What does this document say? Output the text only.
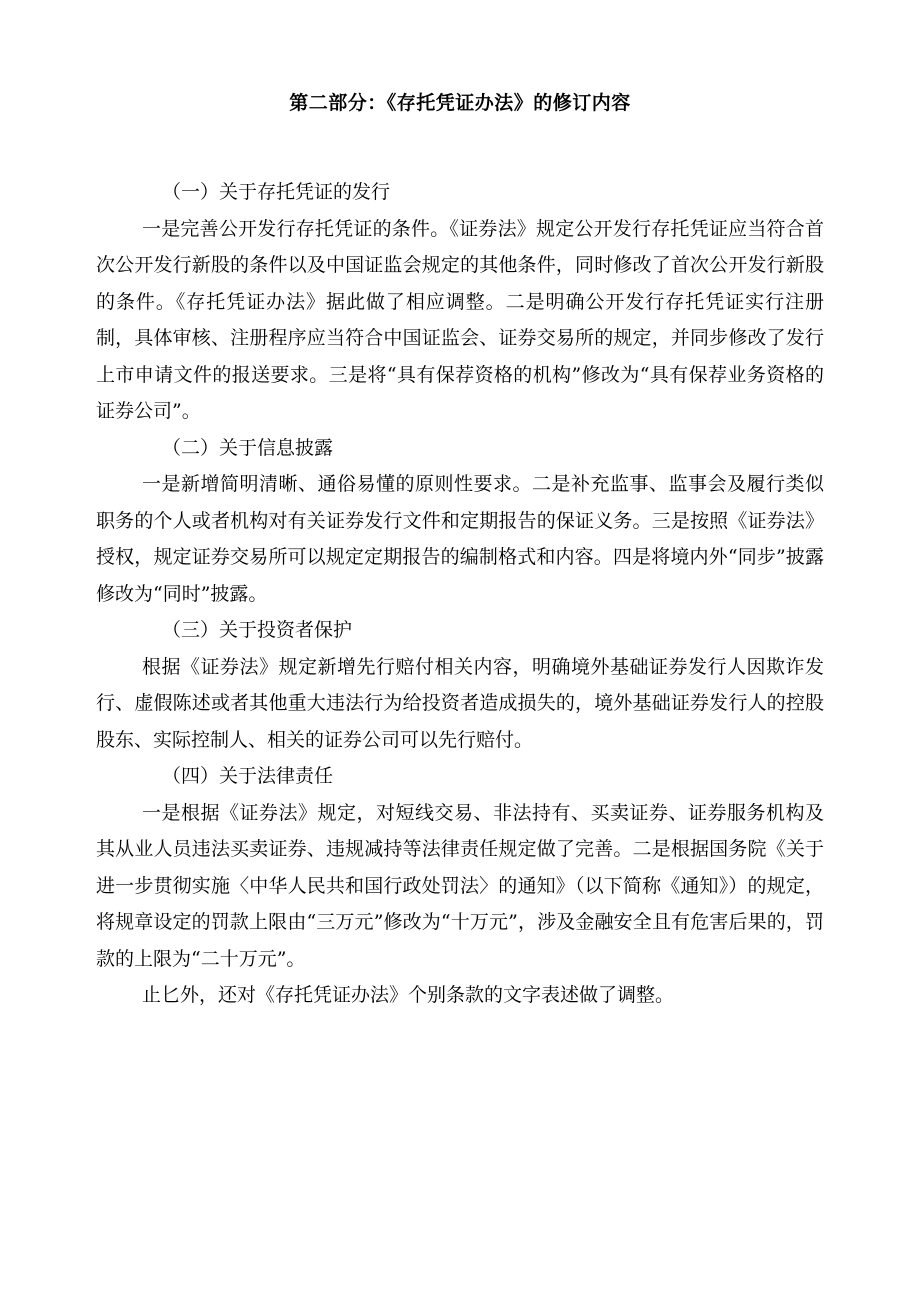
第二部分：《存托凭证办法》的修订内容

（一）关于存托凭证的发行

一是完善公开发行存托凭证的条件。《证券法》规定公开发行存托凭证应当符合首次公开发行新股的条件以及中国证监会规定的其他条件，同时修改了首次公开发行新股的条件。《存托凭证办法》据此做了相应调整。二是明确公开发行存托凭证实行注册制，具体审核、注册程序应当符合中国证监会、证券交易所的规定，并同步修改了发行上市申请文件的报送要求。三是将“具有保荐资格的机构”修改为“具有保荐业务资格的证券公司”。

（二）关于信息披露

一是新增简明清晰、通俗易懂的原则性要求。二是补充监事、监事会及履行类似职务的个人或者机构对有关证券发行文件和定期报告的保证义务。三是按照《证券法》授权，规定证券交易所可以规定定期报告的编制格式和内容。四是将境内外“同步”披露修改为“同时”披露。

（三）关于投资者保护

根据《证券法》规定新增先行赔付相关内容，明确境外基础证券发行人因欺诈发行、虚假陈述或者其他重大违法行为给投资者造成损失的，境外基础证券发行人的控股股东、实际控制人、相关的证券公司可以先行赔付。

（四）关于法律责任

一是根据《证券法》规定，对短线交易、非法持有、买卖证券、证券服务机构及其从业人员违法买卖证券、违规减持等法律责任规定做了完善。二是根据国务院《关于进一步贯彻实施〈中华人民共和国行政处罚法〉的通知》（以下简称《通知》）的规定，将规章设定的罚款上限由“三万元”修改为“十万元”，涉及金融安全且有危害后果的，罚款的上限为“二十万元”。

止匕外，还对《存托凭证办法》个别条款的文字表述做了调整。
